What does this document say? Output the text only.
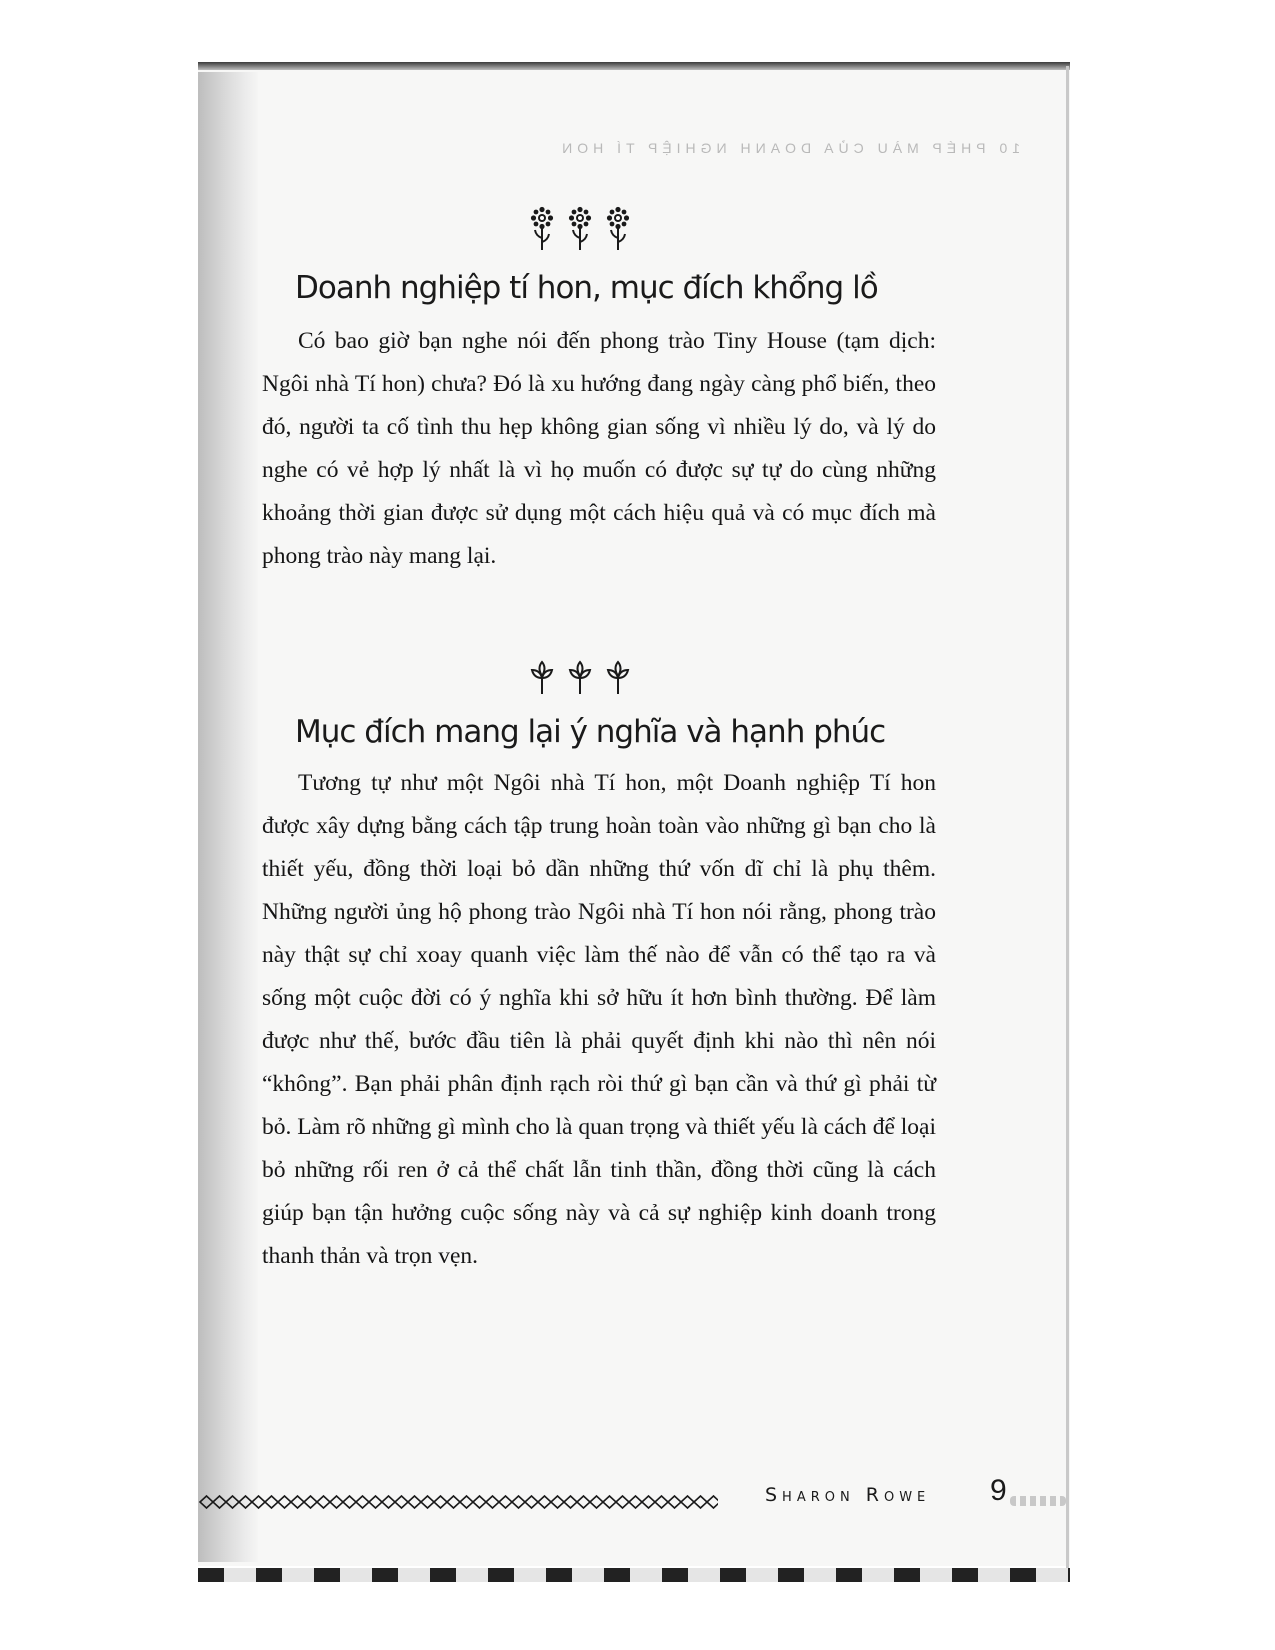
10 PHÉP MÀU CỦA DOANH NGHIỆP TÍ HON
Doanh nghiệp tí hon, mục đích khổng lồ

Có bao giờ bạn nghe nói đến phong trào Tiny House (tạm dịch: Ngôi nhà Tí hon) chưa? Đó là xu hướng đang ngày càng phổ biến, theo đó, người ta cố tình thu hẹp không gian sống vì nhiều lý do, và lý do nghe có vẻ hợp lý nhất là vì họ muốn có được sự tự do cùng những khoảng thời gian được sử dụng một cách hiệu quả và có mục đích mà phong trào này mang lại.

Mục đích mang lại ý nghĩa và hạnh phúc

Tương tự như một Ngôi nhà Tí hon, một Doanh nghiệp Tí hon được xây dựng bằng cách tập trung hoàn toàn vào những gì bạn cho là thiết yếu, đồng thời loại bỏ dần những thứ vốn dĩ chỉ là phụ thêm. Những người ủng hộ phong trào Ngôi nhà Tí hon nói rằng, phong trào này thật sự chỉ xoay quanh việc làm thế nào để vẫn có thể tạo ra và sống một cuộc đời có ý nghĩa khi sở hữu ít hơn bình thường. Để làm được như thế, bước đầu tiên là phải quyết định khi nào thì nên nói “không”. Bạn phải phân định rạch ròi thứ gì bạn cần và thứ gì phải từ bỏ. Làm rõ những gì mình cho là quan trọng và thiết yếu là cách để loại bỏ những rối ren ở cả thể chất lẫn tinh thần, đồng thời cũng là cách giúp bạn tận hưởng cuộc sống này và cả sự nghiệp kinh doanh trong thanh thản và trọn vẹn.

Sharon Rowe 9
